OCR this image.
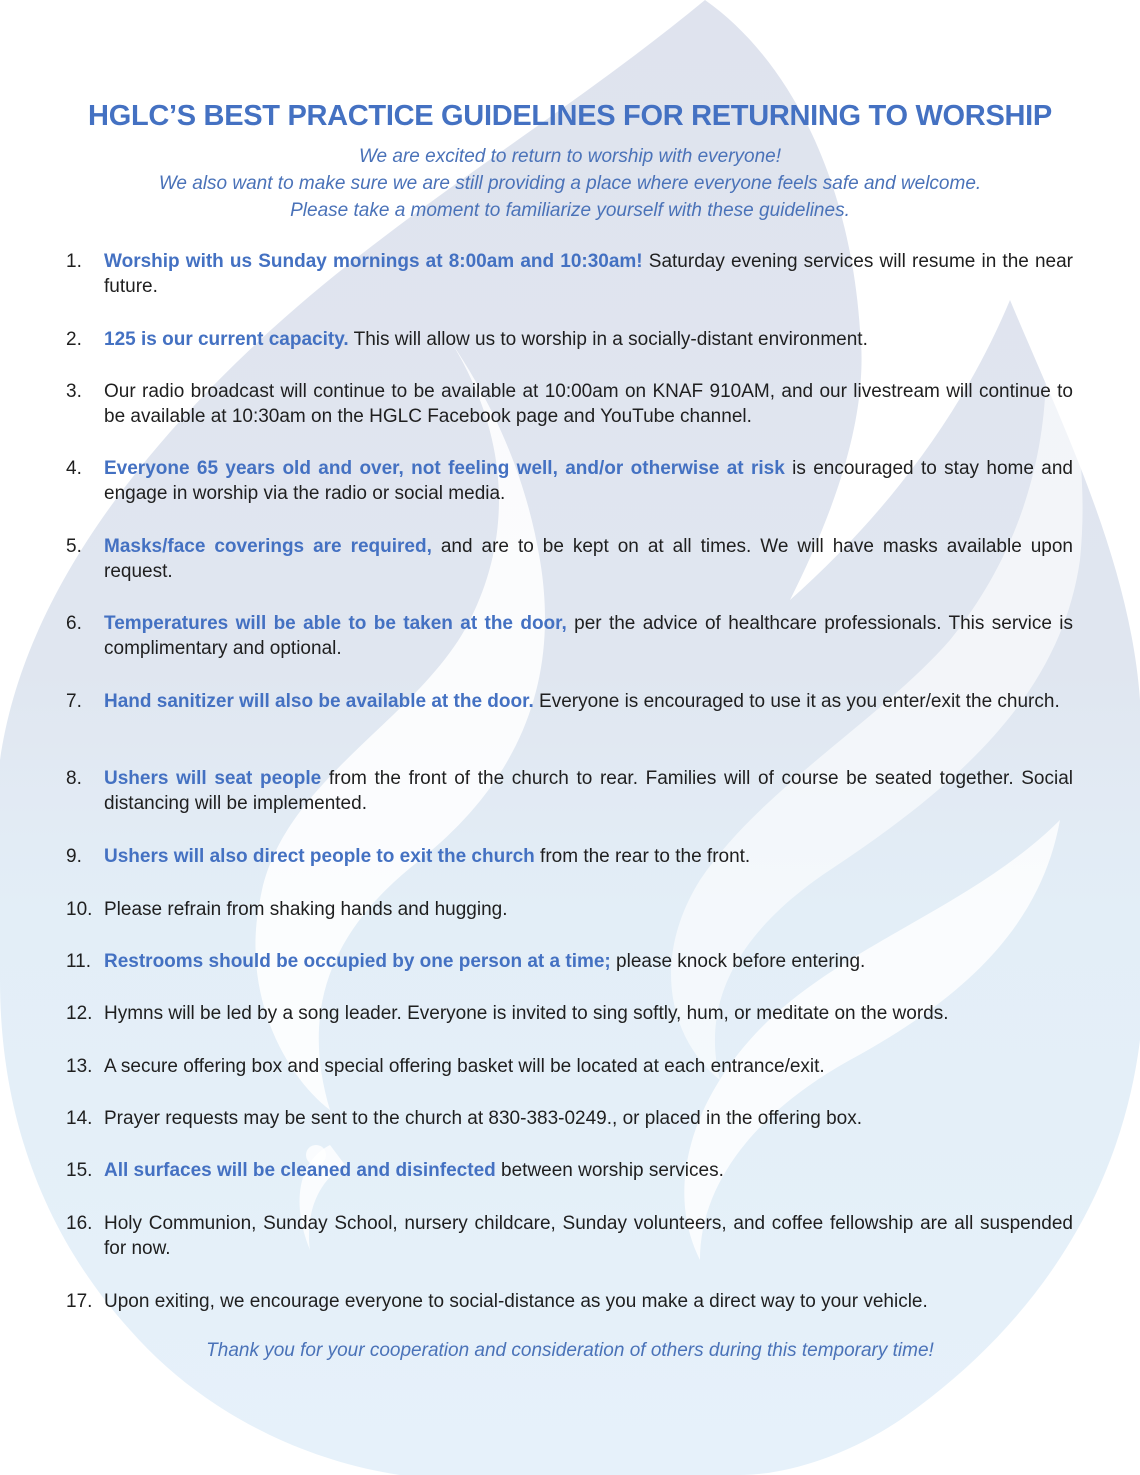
HGLC’S BEST PRACTICE GUIDELINES FOR RETURNING TO WORSHIP
We are excited to return to worship with everyone!
We also want to make sure we are still providing a place where everyone feels safe and welcome.
Please take a moment to familiarize yourself with these guidelines.
1.	Worship with us Sunday mornings at 8:00am and 10:30am! Saturday evening services will resume in the near future.
2.	125 is our current capacity. This will allow us to worship in a socially-distant environment.
3.	Our radio broadcast will continue to be available at 10:00am on KNAF 910AM, and our livestream will continue to be available at 10:30am on the HGLC Facebook page and YouTube channel.
4.	Everyone 65 years old and over, not feeling well, and/or otherwise at risk is encouraged to stay home and engage in worship via the radio or social media.
5.	Masks/face coverings are required, and are to be kept on at all times. We will have masks available upon request.
6.	Temperatures will be able to be taken at the door, per the advice of healthcare professionals. This service is complimentary and optional.
7.	Hand sanitizer will also be available at the door. Everyone is encouraged to use it as you enter/exit the church.
8.	Ushers will seat people from the front of the church to rear. Families will of course be seated together. Social distancing will be implemented.
9.	Ushers will also direct people to exit the church from the rear to the front.
10. Please refrain from shaking hands and hugging.
11. Restrooms should be occupied by one person at a time; please knock before entering.
12. Hymns will be led by a song leader. Everyone is invited to sing softly, hum, or meditate on the words.
13. A secure offering box and special offering basket will be located at each entrance/exit.
14. Prayer requests may be sent to the church at 830-383-0249., or placed in the offering box.
15. All surfaces will be cleaned and disinfected between worship services.
16. Holy Communion, Sunday School, nursery childcare, Sunday volunteers, and coffee fellowship are all suspended for now.
17. Upon exiting, we encourage everyone to social-distance as you make a direct way to your vehicle.
Thank you for your cooperation and consideration of others during this temporary time!
